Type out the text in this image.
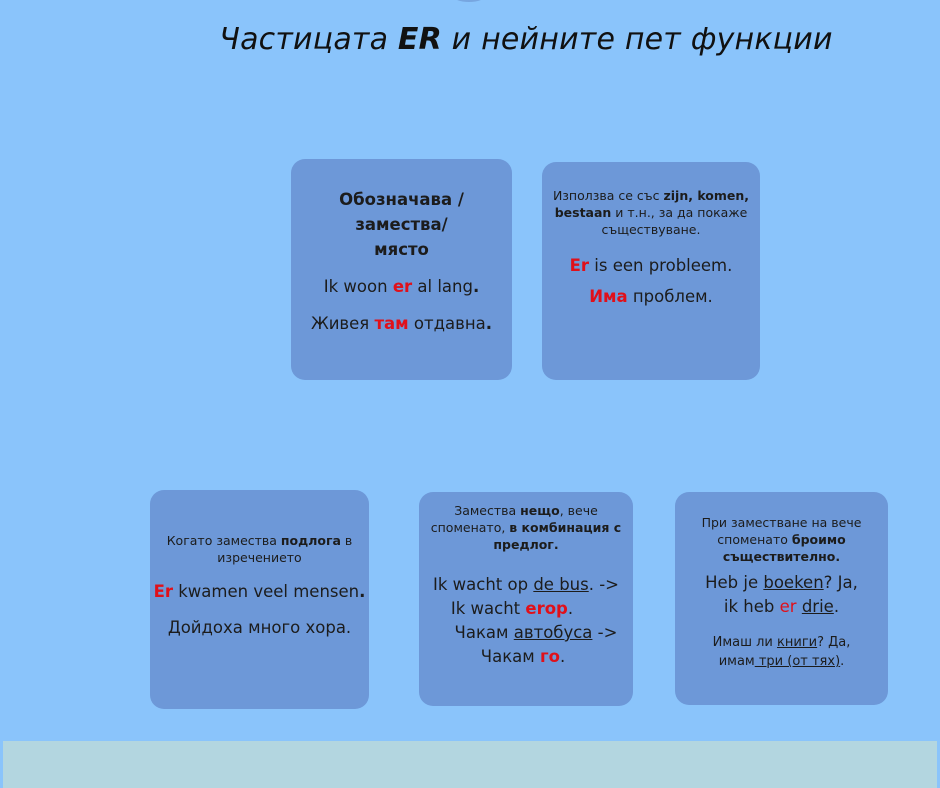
Частицата ER и нейните пет функции

Обозначава /замества/ място

Ik woon er al lang.

Живея там отдавна.

Използва се със zijn, komen, bestaan и т.н., за да покаже съществуване.

Er is een probleem.

Има проблем.

Когато замества подлога в изречението

Er kwamen veel mensen.

Дойдоха много хора.

Замества нещо, вече споменато, в комбинация с предлог.

Ik wacht op de bus. ->

Ik wacht erop.

Чакам автобуса ->

Чакам го.

При заместване на вече споменато броимо съществително.

Heb je boeken? Ja,

ik heb er drie.

Имаш ли книги? Да, имам три (от тях).
